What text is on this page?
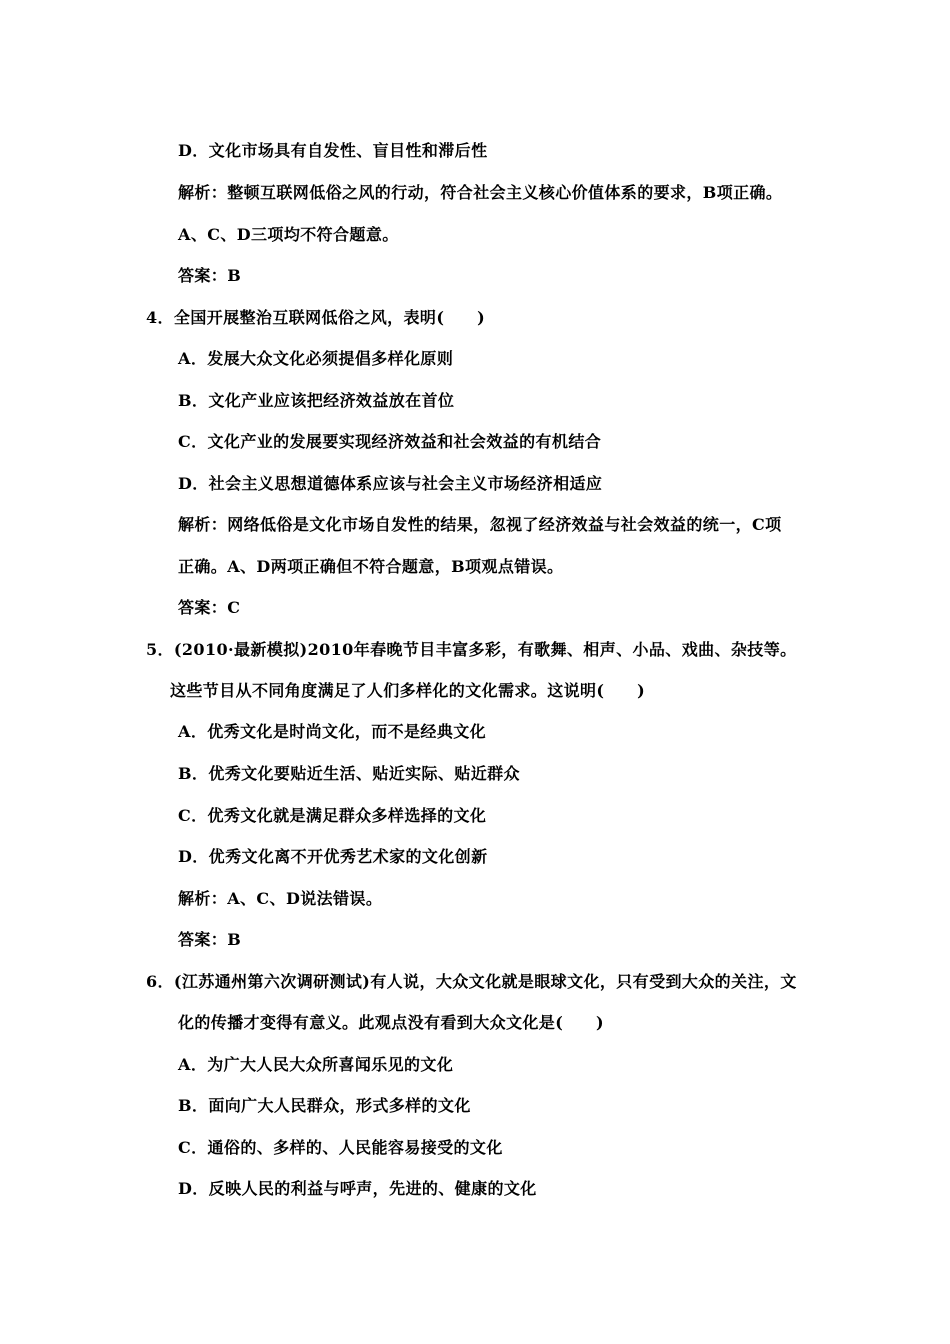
D．文化市场具有自发性、盲目性和滞后性
解析：整顿互联网低俗之风的行动，符合社会主义核心价值体系的要求，B项正确。
A、C、D三项均不符合题意。
答案：B
4．全国开展整治互联网低俗之风，表明(　　)
A．发展大众文化必须提倡多样化原则
B．文化产业应该把经济效益放在首位
C．文化产业的发展要实现经济效益和社会效益的有机结合
D．社会主义思想道德体系应该与社会主义市场经济相适应
解析：网络低俗是文化市场自发性的结果，忽视了经济效益与社会效益的统一，C项
正确。A、D两项正确但不符合题意，B项观点错误。
答案：C
5．(2010·最新模拟)2010年春晚节目丰富多彩，有歌舞、相声、小品、戏曲、杂技等。
这些节目从不同角度满足了人们多样化的文化需求。这说明(　　)
A．优秀文化是时尚文化，而不是经典文化
B．优秀文化要贴近生活、贴近实际、贴近群众
C．优秀文化就是满足群众多样选择的文化
D．优秀文化离不开优秀艺术家的文化创新
解析：A、C、D说法错误。
答案：B
6．(江苏通州第六次调研测试)有人说，大众文化就是眼球文化，只有受到大众的关注，文
化的传播才变得有意义。此观点没有看到大众文化是(　　)
A．为广大人民大众所喜闻乐见的文化
B．面向广大人民群众，形式多样的文化
C．通俗的、多样的、人民能容易接受的文化
D．反映人民的利益与呼声，先进的、健康的文化
